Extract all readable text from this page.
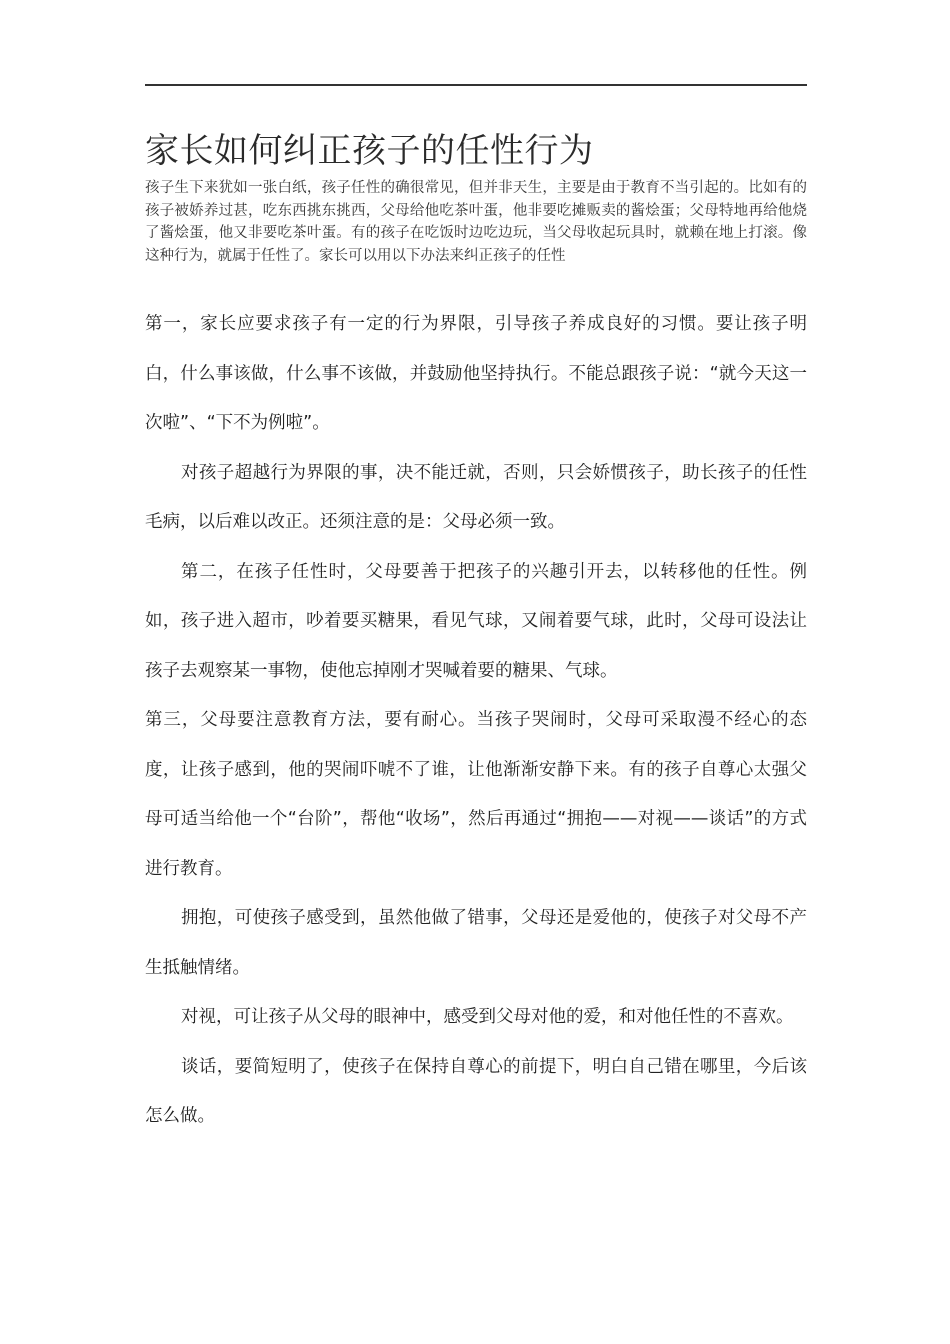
家长如何纠正孩子的任性行为

孩子生下来犹如一张白纸，孩子任性的确很常见，但并非天生，主要是由于教育不当引起的。比如有的孩子被娇养过甚，吃东西挑东挑西，父母给他吃茶叶蛋，他非要吃摊贩卖的酱烩蛋；父母特地再给他烧了酱烩蛋，他又非要吃茶叶蛋。有的孩子在吃饭时边吃边玩，当父母收起玩具时，就赖在地上打滚。像这种行为，就属于任性了。家长可以用以下办法来纠正孩子的任性

第一，家长应要求孩子有一定的行为界限，引导孩子养成良好的习惯。要让孩子明白，什么事该做，什么事不该做，并鼓励他坚持执行。不能总跟孩子说：“就今天这一次啦”、“下不为例啦”。

对孩子超越行为界限的事，决不能迁就，否则，只会娇惯孩子，助长孩子的任性毛病，以后难以改正。还须注意的是：父母必须一致。

第二，在孩子任性时，父母要善于把孩子的兴趣引开去，以转移他的任性。例如，孩子进入超市，吵着要买糖果，看见气球，又闹着要气球，此时，父母可设法让孩子去观察某一事物，使他忘掉刚才哭喊着要的糖果、气球。

第三，父母要注意教育方法，要有耐心。当孩子哭闹时，父母可采取漫不经心的态度，让孩子感到，他的哭闹吓唬不了谁，让他渐渐安静下来。有的孩子自尊心太强父母可适当给他一个“台阶”，帮他“收场”，然后再通过“拥抱——对视——谈话”的方式进行教育。

拥抱，可使孩子感受到，虽然他做了错事，父母还是爱他的，使孩子对父母不产生抵触情绪。

对视，可让孩子从父母的眼神中，感受到父母对他的爱，和对他任性的不喜欢。

谈话，要简短明了，使孩子在保持自尊心的前提下，明白自己错在哪里，今后该怎么做。
